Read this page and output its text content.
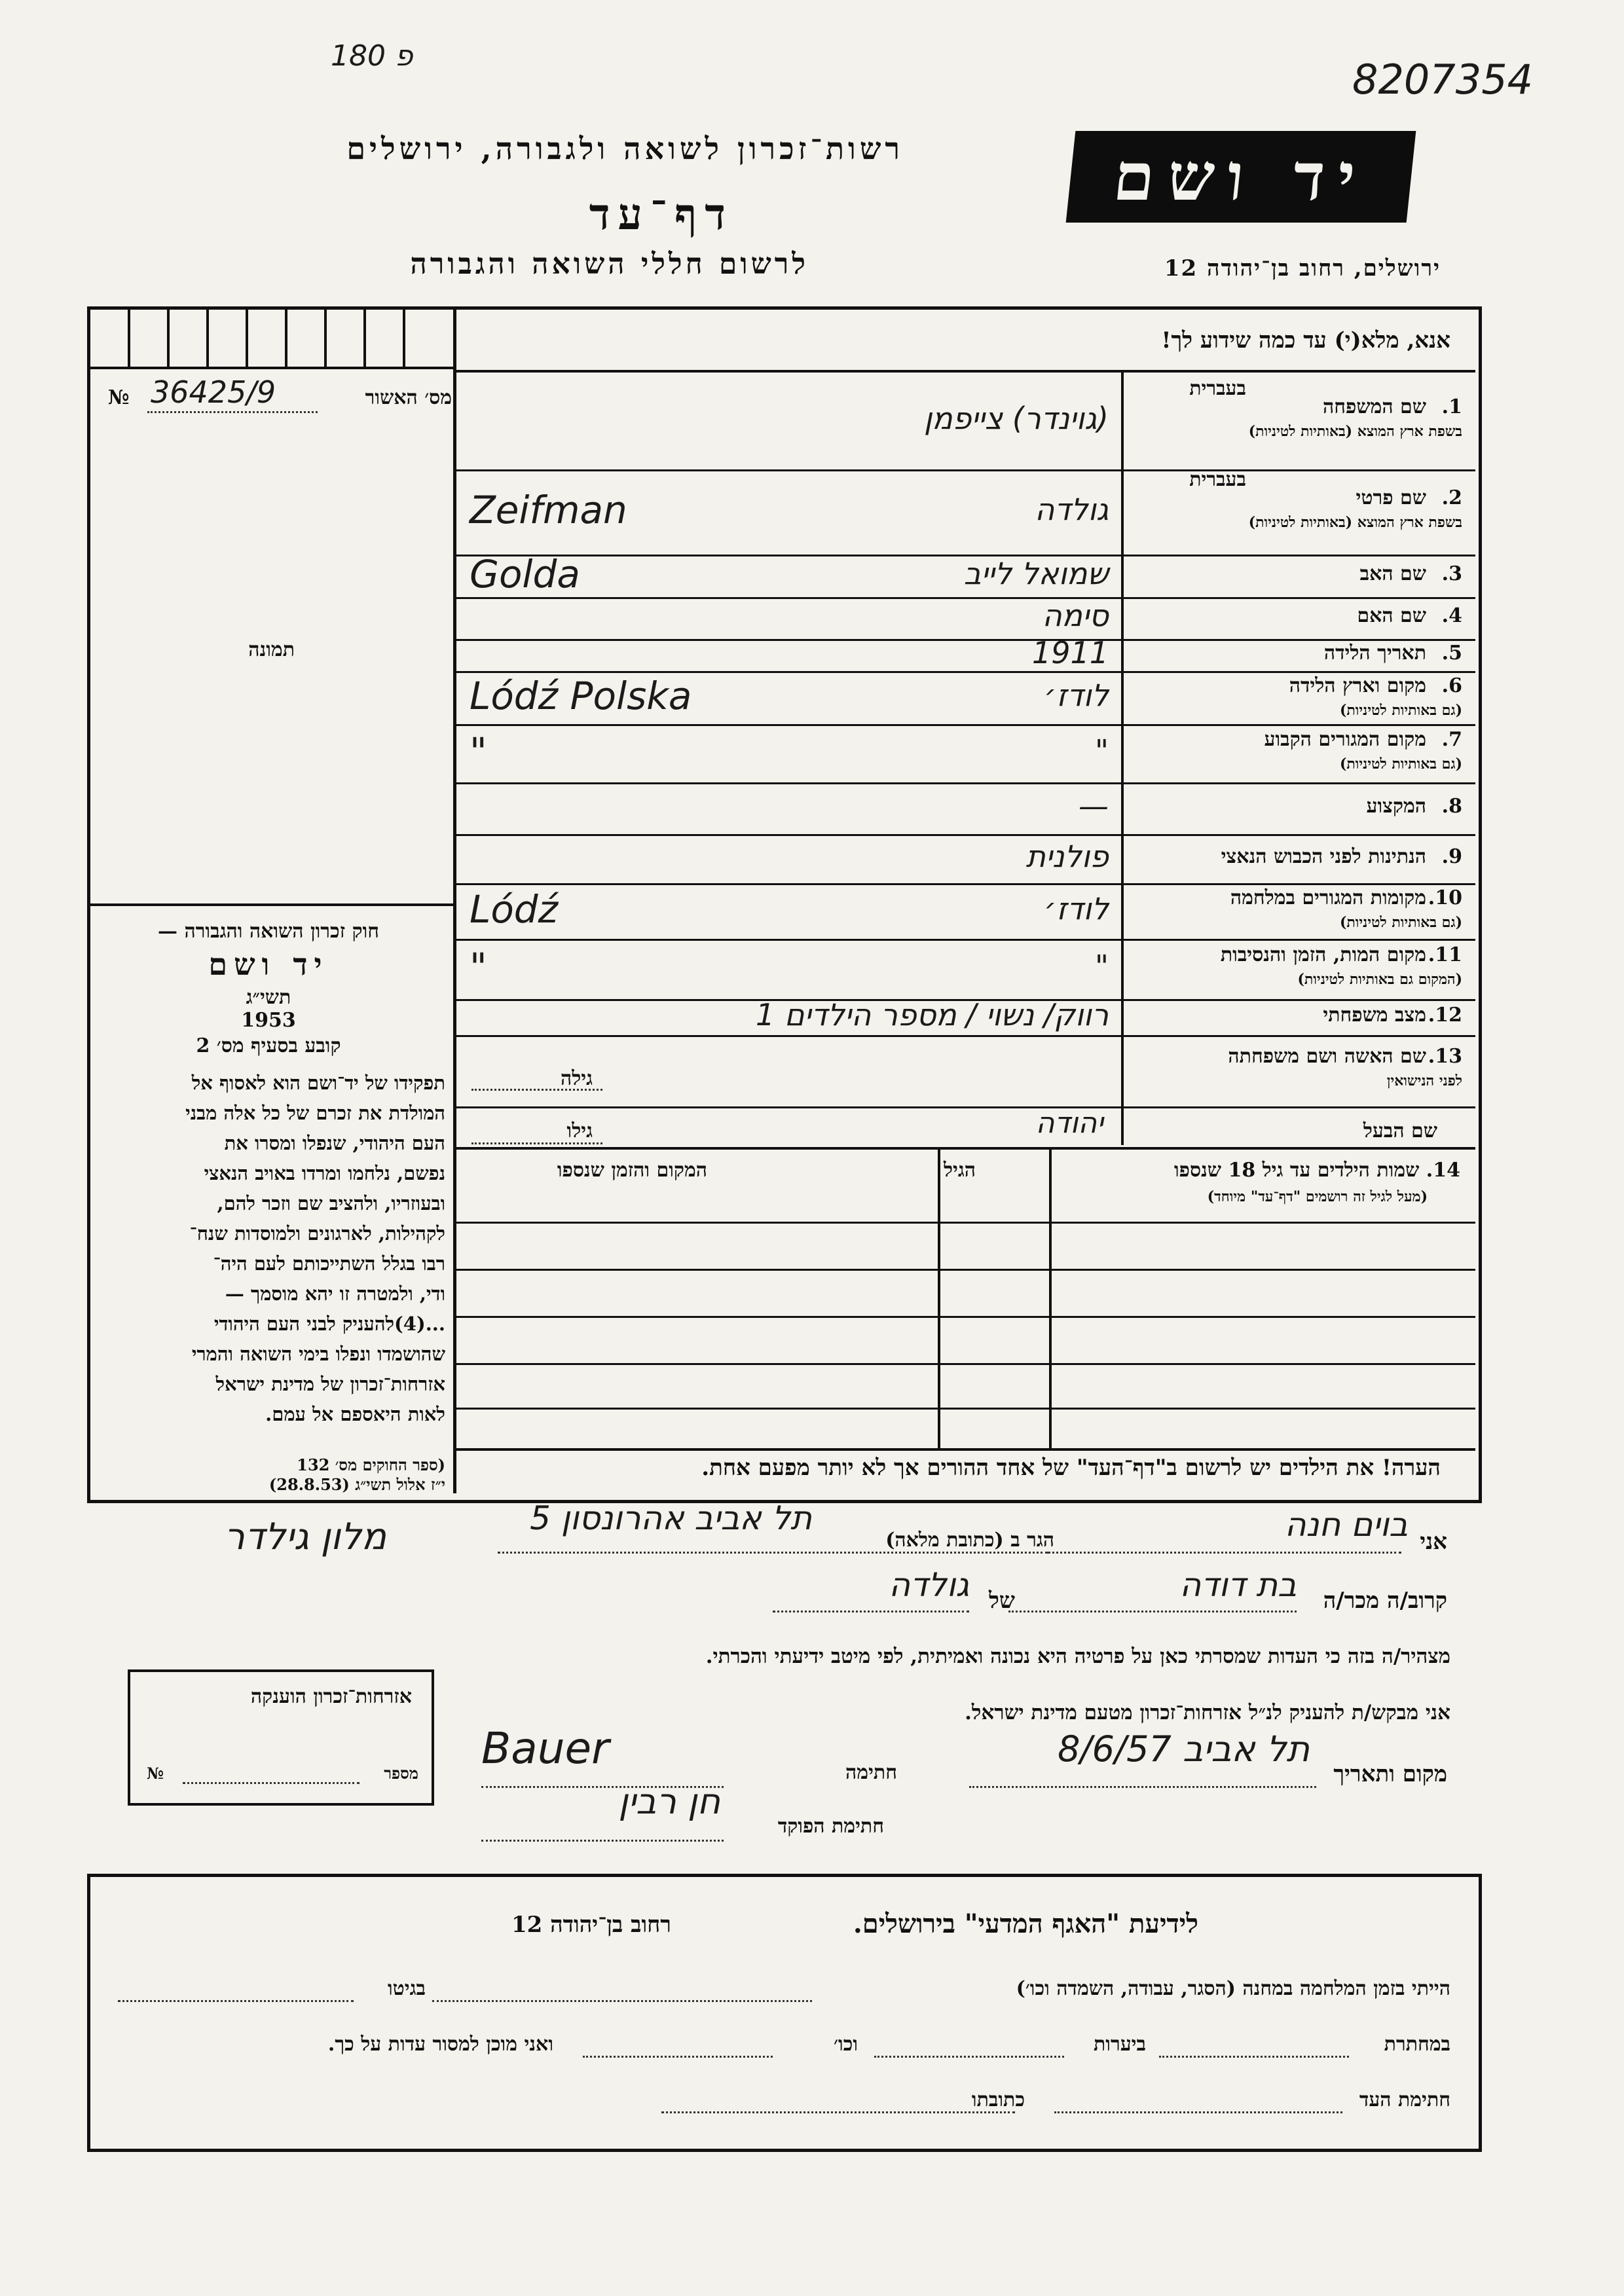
פ 180	8207354
רשות־זכרון לשואה ולגבורה, ירושלים
דף־עד
לרשום חללי השואה והגבורה
יד ושם
ירושלים, רחוב בן־יהודה 12
אנא, מלא(י) עד כמה שידוע לך!
№ 36425/9	מס׳ האשור
תמונה
חוק זכרון השואה והגבורה —
יד ושם
תשי״ג
1953
קובע בסעיף מס׳ 2
תפקידו של יד־ושם הוא לאסוף אל
המולדת את זכרם של כל אלה מבני
העם היהודי, שנפלו ומסרו את
נפשם, נלחמו ומרדו באויב הנאצי
ובעוזריו, ולהציב שם וזכר להם,
לקהילות, לארגונים ולמוסדות שנח־
רבו בגלל השתייכותם לעם היה־
ודי, ולמטרה זו יהא מוסמך —
...(4)להעניק לבני העם היהודי
שהושמדו ונפלו בימי השואה והמרי
אזרחות־זכרון של מדינת ישראל
לאות היאספם אל עמם.
(ספר החוקים מס׳ 132
י״ז אלול תשי״ג (28.8.53)
1.
שם המשפחה
בשפת ארץ המוצא (באותיות לטיניות)
בעברית
(גוינדר) צייפמן
2.
שם פרטי
בשפת ארץ המוצא (באותיות לטיניות)
בעברית
גולדה
Zeifman
3.
שם האב
שמואל לייב
Golda
4.
שם האם
סימה
5.
תאריך הלידה
1911
6.
מקום וארץ הלידה
(גם באותיות לטיניות)
לודז׳
Lódź Polska
7.
מקום המגורים הקבוע
(גם באותיות לטיניות)
"
"
8.
המקצוע
—
9.
הנתינות לפני הכבוש הנאצי
פולנית
10.
מקומות המגורים במלחמה
(גם באותיות לטיניות)
לודז׳
Lódź
11.
מקום המות, הזמן והנסיבות
(המקום גם באותיות לטיניות)
"
"
12.
מצב משפחתי
רווק/ נשוי / מספר הילדים 1
13.
שם האשה ושם משפחתה
לפני הנישואין
גילה
שם הבעל
יהודה
גילו
14. שמות הילדים עד גיל 18 שנספו
(מעל לגיל זה רושמים "דף־עד" מיוחד)
הגיל
המקום והזמן שנספו
הערה! את הילדים יש לרשום ב"דף־העד" של אחד ההורים אך לא יותר מפעם אחת.
אני
בוים חנה
הגר ב (כתובת מלאה)
תל אביב אהרונסון 5
מלון גילדר
קרוב/ה מכר/ה
בת דודה
של
גולדה
מצהיר/ה בזה כי העדות שמסרתי כאן על פרטיה היא נכונה ואמיתית, לפי מיטב ידיעתי והכרתי.
אני מבקש/ת להעניק לנ״ל אזרחות־זכרון מטעם מדינת ישראל.
מקום ותאריך
תל אביב 8/6/57
חתימה
Bauer
חתימת הפוקד
חן רבין
אזרחות־זכרון הוענקה
מספר
№
לידיעת "האגף המדעי" בירושלים.
רחוב בן־יהודה 12
הייתי בזמן המלחמה במחנה (הסגר, עבודה, השמדה וכו׳)
בגיטו
במחתרת
ביערות
וכו׳
ואני מוכן למסור עדות על כך.
חתימת העד
כתובתו
